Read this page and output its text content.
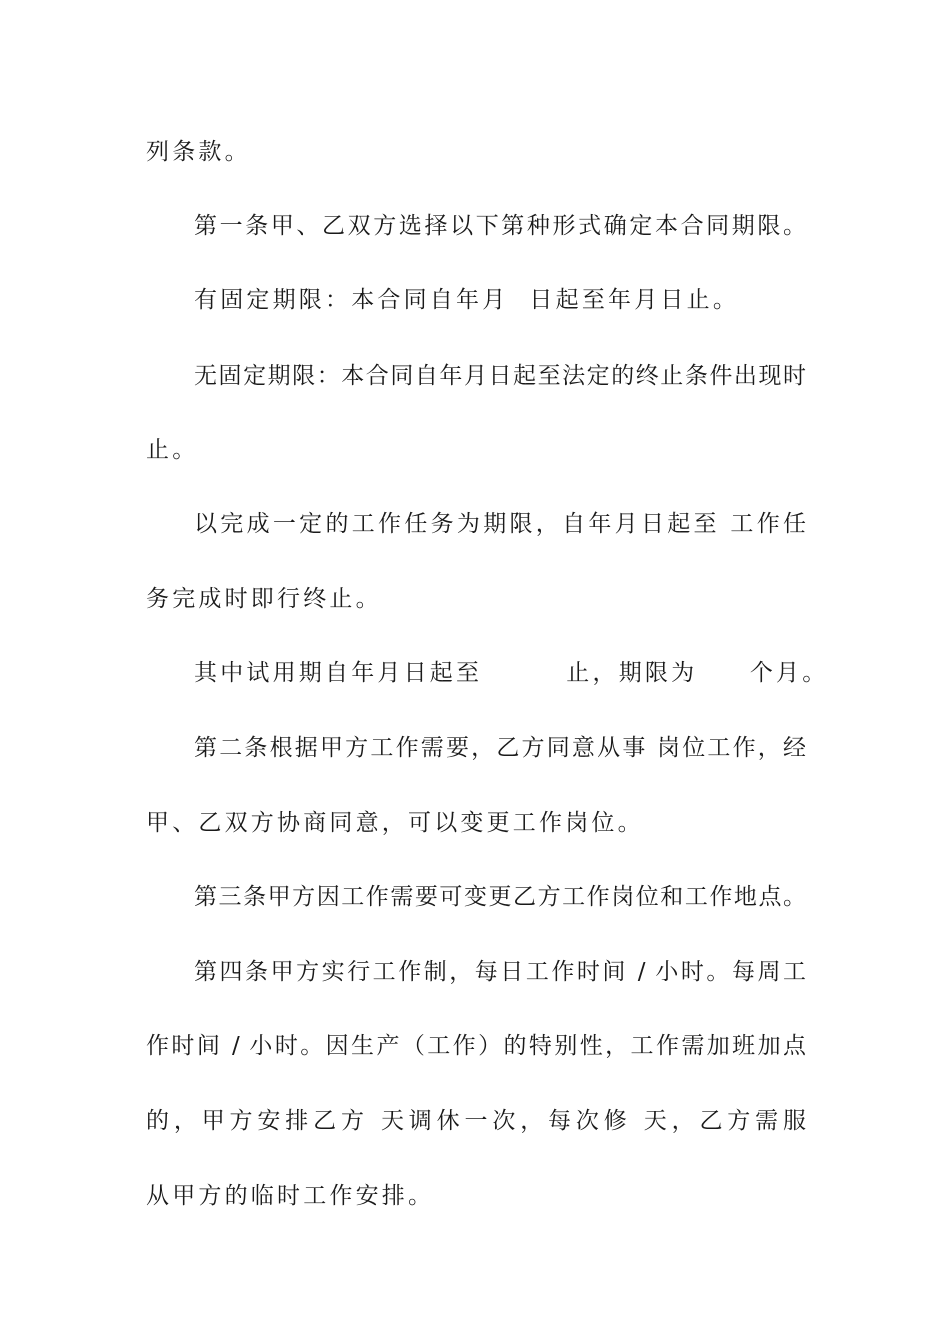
列条款。
第一条甲、乙双方选择以下第种形式确定本合同期限。
有固定期限：本合同自年月  日起至年月日止。
无固定期限：本合同自年月日起至法定的终止条件出现时
止。
以完成一定的工作任务为期限，自年月日起至 工作任
务完成时即行终止。
其中试用期自年月日起至        止，期限为     个月。
第二条根据甲方工作需要，乙方同意从事 岗位工作，经
甲、乙双方协商同意，可以变更工作岗位。
第三条甲方因工作需要可变更乙方工作岗位和工作地点。
第四条甲方实行工作制，每日工作时间 / 小时。每周工
作时间 / 小时。因生产（工作）的特别性，工作需加班加点
的，甲方安排乙方 天调休一次，每次修 天，乙方需服
从甲方的临时工作安排。
